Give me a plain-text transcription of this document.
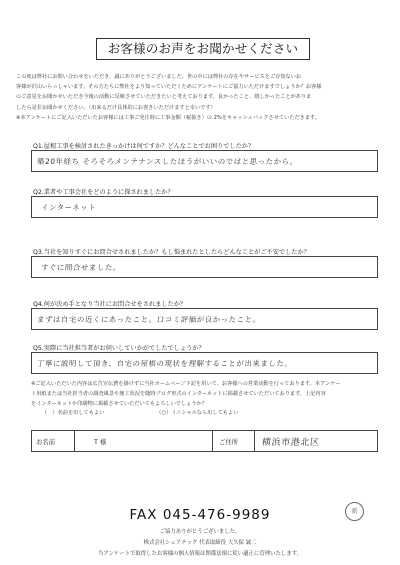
お客様のお声をお聞かせください

この度は弊社にお問い合わせをいただき、誠にありがとうございました。世の中には弊社の存在やサービスをご存知ないお

客様が沢山いらっしゃいます。その方たちに弊社をより知っていただくためにアンケートにご協力いただけますでしょうか？お客様

のご意見をお聞かせいただき今後の活動に反映させていただきたいと考えております。良かったこと、嬉しかったことがありま

したら是非お聞かせください。（出来るだけ具体的にお書きいただけますと幸いです）

※本アンケートにご記入いただいたお客様には工事ご発注時に工事金額（税抜き）の 2%をキャッシュバックさせていただきます。

Q1.屋根工事を検討されたきっかけは何ですか？どんなことでお困りでしたか？
築20年経ち そろそろメンテナンスしたほうがいいのではと思ったから。
Q2.業者や工事会社をどのように探されましたか？
インターネット
Q3.当社を知りすぐにお問合せされましたか？もし悩まれたとしたらどんなことがご不安でしたか？
すぐに問合せました。
Q4.何が決め手となり当社にお問合せをされましたか？
まずは自宅の近くにあったこと。口コミ評価が良かったこと。
Q5.実際に当社担当者がお伺いしていかがでしたでしょうか？
丁寧に説明して頂き、自宅の屋根の現状を理解することが出来ました。
※ご記入いただいた内容は広告宣伝費を掛けずに当社ホームページ下記を用いて、お客様への営業活動を行っております。本アンケー
ト用紙または当社担当者の調査風景や施工状況を随時ブログ形式のインターネットに掲載させていただいております。上記内容
をインターネットや印刷物に掲載させていただいてもよろしいでしょうか？
（　）名前を出してもよい	（○）イニシャルなら出してもよい
お名前	T 様	ご住所	横浜市港北区
FAX 045-476-9989	新
ご協力ありがとうございました。
株式会社シェアテック 代表取締役 大久保 誠二
当アンケートで取得したお客様の個人情報は関係法規に従い適正に管理いたします。
